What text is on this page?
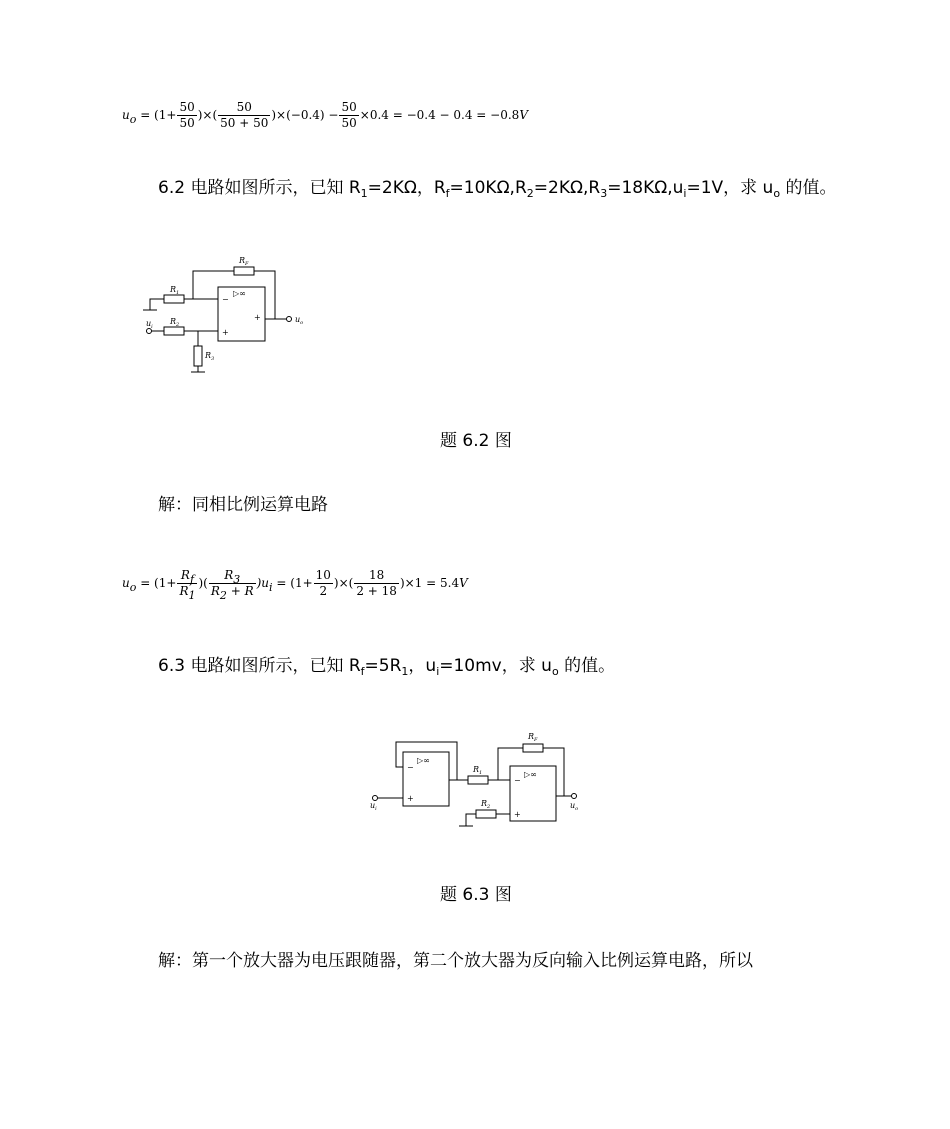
$u_o = (1+ \frac{50}{50}$ )×( $\frac{50}{50 + 50} )\times(-0.4) - \frac{50}{50} \times 0.4 = -0.4 - 0.4 = -0.8V$
6.2 电路如图所示，已知 $R_1=2K\Omega$，$R_f=10K\Omega,R_2=2K\Omega,R_3=18K\Omega,u_i=1V$，求 $u_o$ 的值。
$R_F$
$R_1$
$R_2$
$R_3$
$u_i$
$u_o$
▷∞
−
+
+
题 6.2 图
解：同相比例运算电路
$u_o = (1+ \frac{R_f}{R_1}$ )( $\frac{R_3}{R_2 + R} )u_i = (1+ \frac{10}{2}$ )×( $\frac{18}{2 + 18} )\times 1 = 5.4V$
6.3 电路如图所示，已知 $R_f=5R_1$，$u_i=10mv$，求 $u_o$ 的值。
▷∞
−
+
▷∞
−
+
$R_F$
$R_1$
$R_2$
$u_i$	$u_o$
题 6.3 图
解：第一个放大器为电压跟随器，第二个放大器为反向输入比例运算电路，所以
